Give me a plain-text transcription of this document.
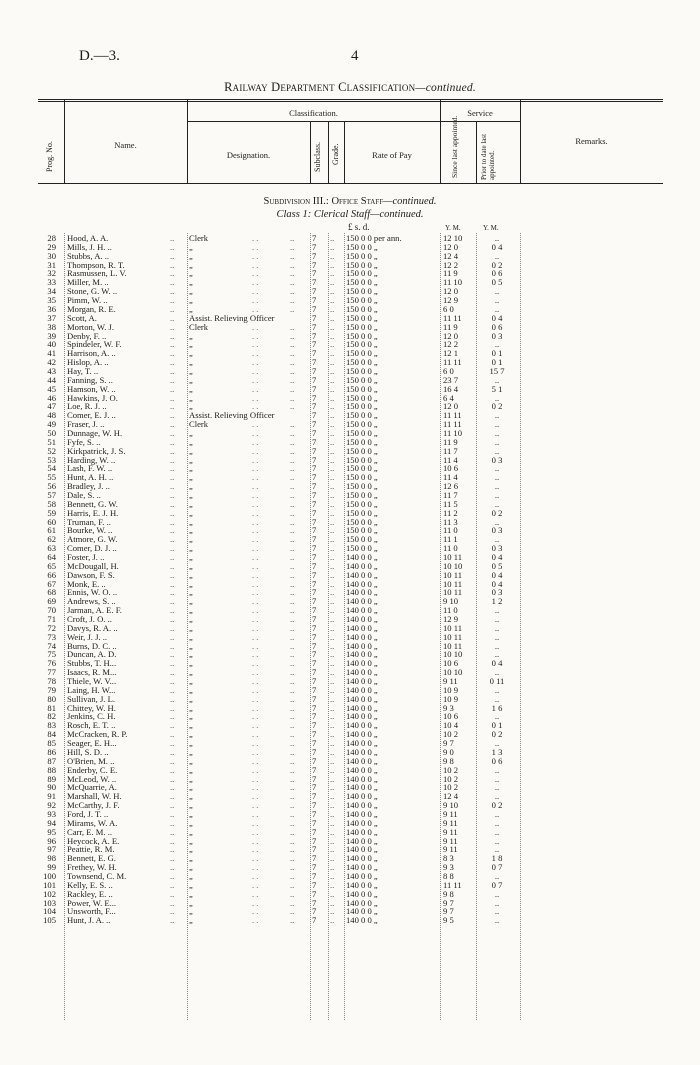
D.—3.	4
Railway Department Classification—continued.
Prog. No.	Name.
Classification.
Designation.	Subclass. Grade.	Rate of Pay
Service
Since last appointed.	Prior to date last appointed.
Remarks.
Subdivision III.: Office Staff—continued.
Class 1: Clerical Staff—continued.
£ s. d.	Y. M.	Y. M.
28 Hood, A. A.	.. Clerk	. .	.. 7 .. 150 0 0 per ann.	12 10	..
29 Mills, J. H. ..	.. „	. .	.. 7 .. 150 0 0 „	12 0	0 4
30 Stubbs, A. ..	.. „	. .	.. 7 .. 150 0 0 „	12 4	..
31 Thompson, R. T.	.. „	. .	.. 7 .. 150 0 0 „	12 2	0 2
32 Rasmussen, L. V.	.. „	. .	.. 7 .. 150 0 0 „	11 9	0 6
33 Miller, M. ..	.. „	. .	.. 7 .. 150 0 0 „	11 10	0 5
34 Stone, G. W. ..	.. „	. .	.. 7 .. 150 0 0 „	12 0	..
35 Pimm, W. ..	.. „	. .	.. 7 .. 150 0 0 „	12 9	..
36 Morgan, R. E.	.. „	. .	.. 7 .. 150 0 0 „	6 0	..
37 Scott, A.	.. Assist. Relieving Officer	7 .. 150 0 0 „	11 11	0 4
38 Morton, W. J.	.. Clerk	. .	.. 7 .. 150 0 0 „	11 9	0 6
39 Denby, F. ..	.. „	. .	.. 7 .. 150 0 0 „	12 0	0 3
40 Spindeler, W. F.	.. „	. .	.. 7 .. 150 0 0 „	12 2	..
41 Harrison, A. ..	.. „	. .	.. 7 .. 150 0 0 „	12 1	0 1
42 Hislop, A. ..	.. „	. .	.. 7 .. 150 0 0 „	11 11	0 1
43 Hay, T. ..	.. „	. .	.. 7 .. 150 0 0 „	6 0	15 7
44 Fanning, S. ..	.. „	. .	.. 7 .. 150 0 0 „	23 7	..
45 Hamson, W. ..	.. „	. .	.. 7 .. 150 0 0 „	16 4	5 1
46 Hawkins, J. O.	.. „	. .	.. 7 .. 150 0 0 „	6 4	..
47 Loe, R. J. ..	.. „	. .	.. 7 .. 150 0 0 „	12 0	0 2
48 Comer, E. J. ..	.. Assist. Relieving Officer	7 .. 150 0 0 „	11 11	..
49 Fraser, J. ..	.. Clerk	. .	.. 7 .. 150 0 0 „	11 11	..
50 Dunnage, W. H.	.. „	. .	.. 7 .. 150 0 0 „	11 10	..
51 Fyfe, S. ..	.. „	. .	.. 7 .. 150 0 0 „	11 9	..
52 Kirkpatrick, J. S.	.. „	. .	.. 7 .. 150 0 0 „	11 7	..
53 Harding, W. ..	.. „	. .	.. 7 .. 150 0 0 „	11 4	0 3
54 Lash, F. W. ..	.. „	. .	.. 7 .. 150 0 0 „	10 6	..
55 Hunt, A. H. ..	.. „	. .	.. 7 .. 150 0 0 „	11 4	..
56 Bradley, J. ..	.. „	. .	.. 7 .. 150 0 0 „	12 6	..
57 Dale, S. ..	.. „	. .	.. 7 .. 150 0 0 „	11 7	..
58 Bennett, G. W.	.. „	. .	.. 7 .. 150 0 0 „	11 5	..
59 Harris, E. J. H.	.. „	. .	.. 7 .. 150 0 0 „	11 2	0 2
60 Truman, F. ..	.. „	. .	.. 7 .. 150 0 0 „	11 3	..
61 Bourke, W. ..	.. „	. .	.. 7 .. 150 0 0 „	11 0	0 3
62 Atmore, G. W.	.. „	. .	.. 7 .. 150 0 0 „	11 1	..
63 Comer, D. J. ..	.. „	. .	.. 7 .. 150 0 0 „	11 0	0 3
64 Foster, J. ..	.. „	. .	.. 7 .. 140 0 0 „	10 11	0 4
65 McDougall, H.	.. „	. .	.. 7 .. 140 0 0 „	10 10	0 5
66 Dawson, F. S.	.. „	. .	.. 7 .. 140 0 0 „	10 11	0 4
67 Monk, E. ..	.. „	. .	.. 7 .. 140 0 0 „	10 11	0 4
68 Ennis, W. O. ..	.. „	. .	.. 7 .. 140 0 0 „	10 11	0 3
69 Andrews, S. ..	.. „	. .	.. 7 .. 140 0 0 „	9 10	1 2
70 Jarman, A. E. F.	.. „	. .	.. 7 .. 140 0 0 „	11 0	..
71 Croft, J. O. ..	.. „	. .	.. 7 .. 140 0 0 „	12 9	..
72 Davys, R. A. ..	.. „	. .	.. 7 .. 140 0 0 „	10 11	..
73 Weir, J. J. ..	.. „	. .	.. 7 .. 140 0 0 „	10 11	..
74 Burns, D. C. ..	.. „	. .	.. 7 .. 140 0 0 „	10 11	..
75 Duncan, A. D.	.. „	. .	.. 7 .. 140 0 0 „	10 10	..
76 Stubbs, T. H...	.. „	. .	.. 7 .. 140 0 0 „	10 6	0 4
77 Isaacs, R. M...	.. „	. .	.. 7 .. 140 0 0 „	10 10	..
78 Thiele, W. V...	.. „	. .	.. 7 .. 140 0 0 „	9 11	0 11
79 Laing, H. W...	.. „	. .	.. 7 .. 140 0 0 „	10 9	..
80 Sullivan, J. L.	.. „	. .	.. 7 .. 140 0 0 „	10 9	..
81 Chittey, W. H.	.. „	. .	.. 7 .. 140 0 0 „	9 3	1 6
82 Jenkins, C. H.	.. „	. .	.. 7 .. 140 0 0 „	10 6	..
83 Rosch, E. T. ..	.. „	. .	.. 7 .. 140 0 0 „	10 4	0 1
84 McCracken, R. P.	.. „	. .	.. 7 .. 140 0 0 „	10 2	0 2
85 Seager, E. H...	.. „	. .	.. 7 .. 140 0 0 „	9 7	..
86 Hill, S. D. ..	.. „	. .	.. 7 .. 140 0 0 „	9 0	1 3
87 O'Brien, M. ..	.. „	. .	.. 7 .. 140 0 0 „	9 8	0 6
88 Enderby, C. E.	.. „	. .	.. 7 .. 140 0 0 „	10 2	..
89 McLeod, W. ..	.. „	. .	.. 7 .. 140 0 0 „	10 2	..
90 McQuarrie, A.	.. „	. .	.. 7 .. 140 0 0 „	10 2	..
91 Marshall, W. H.	.. „	. .	.. 7 .. 140 0 0 „	12 4	..
92 McCarthy, J. F.	.. „	. .	.. 7 .. 140 0 0 „	9 10	0 2
93 Ford, J. T. ..	.. „	. .	.. 7 .. 140 0 0 „	9 11	..
94 Mirams, W. A.	.. „	. .	.. 7 .. 140 0 0 „	9 11	..
95 Carr, E. M. ..	.. „	. .	.. 7 .. 140 0 0 „	9 11	..
96 Heycock, A. E.	.. „	. .	.. 7 .. 140 0 0 „	9 11	..
97 Peattie, R. M.	.. „	. .	.. 7 .. 140 0 0 „	9 11	..
98 Bennett, E. G.	.. „	. .	.. 7 .. 140 0 0 „	8 3	1 8
99 Frethey, W. H.	.. „	. .	.. 7 .. 140 0 0 „	9 3	0 7
100 Townsend, C. M.	.. „	. .	.. 7 .. 140 0 0 „	8 8	..
101 Kelly, E. S. ..	.. „	. .	.. 7 .. 140 0 0 „	11 11	0 7
102 Rackley, E. ..	.. „	. .	.. 7 .. 140 0 0 „	9 8	..
103 Power, W. E...	.. „	. .	.. 7 .. 140 0 0 „	9 7	..
104 Unsworth, F...	.. „	. .	.. 7 .. 140 0 0 „	9 7	..
105 Hunt, J. A. ..	.. „	. .	.. 7 .. 140 0 0 „	9 5	..
